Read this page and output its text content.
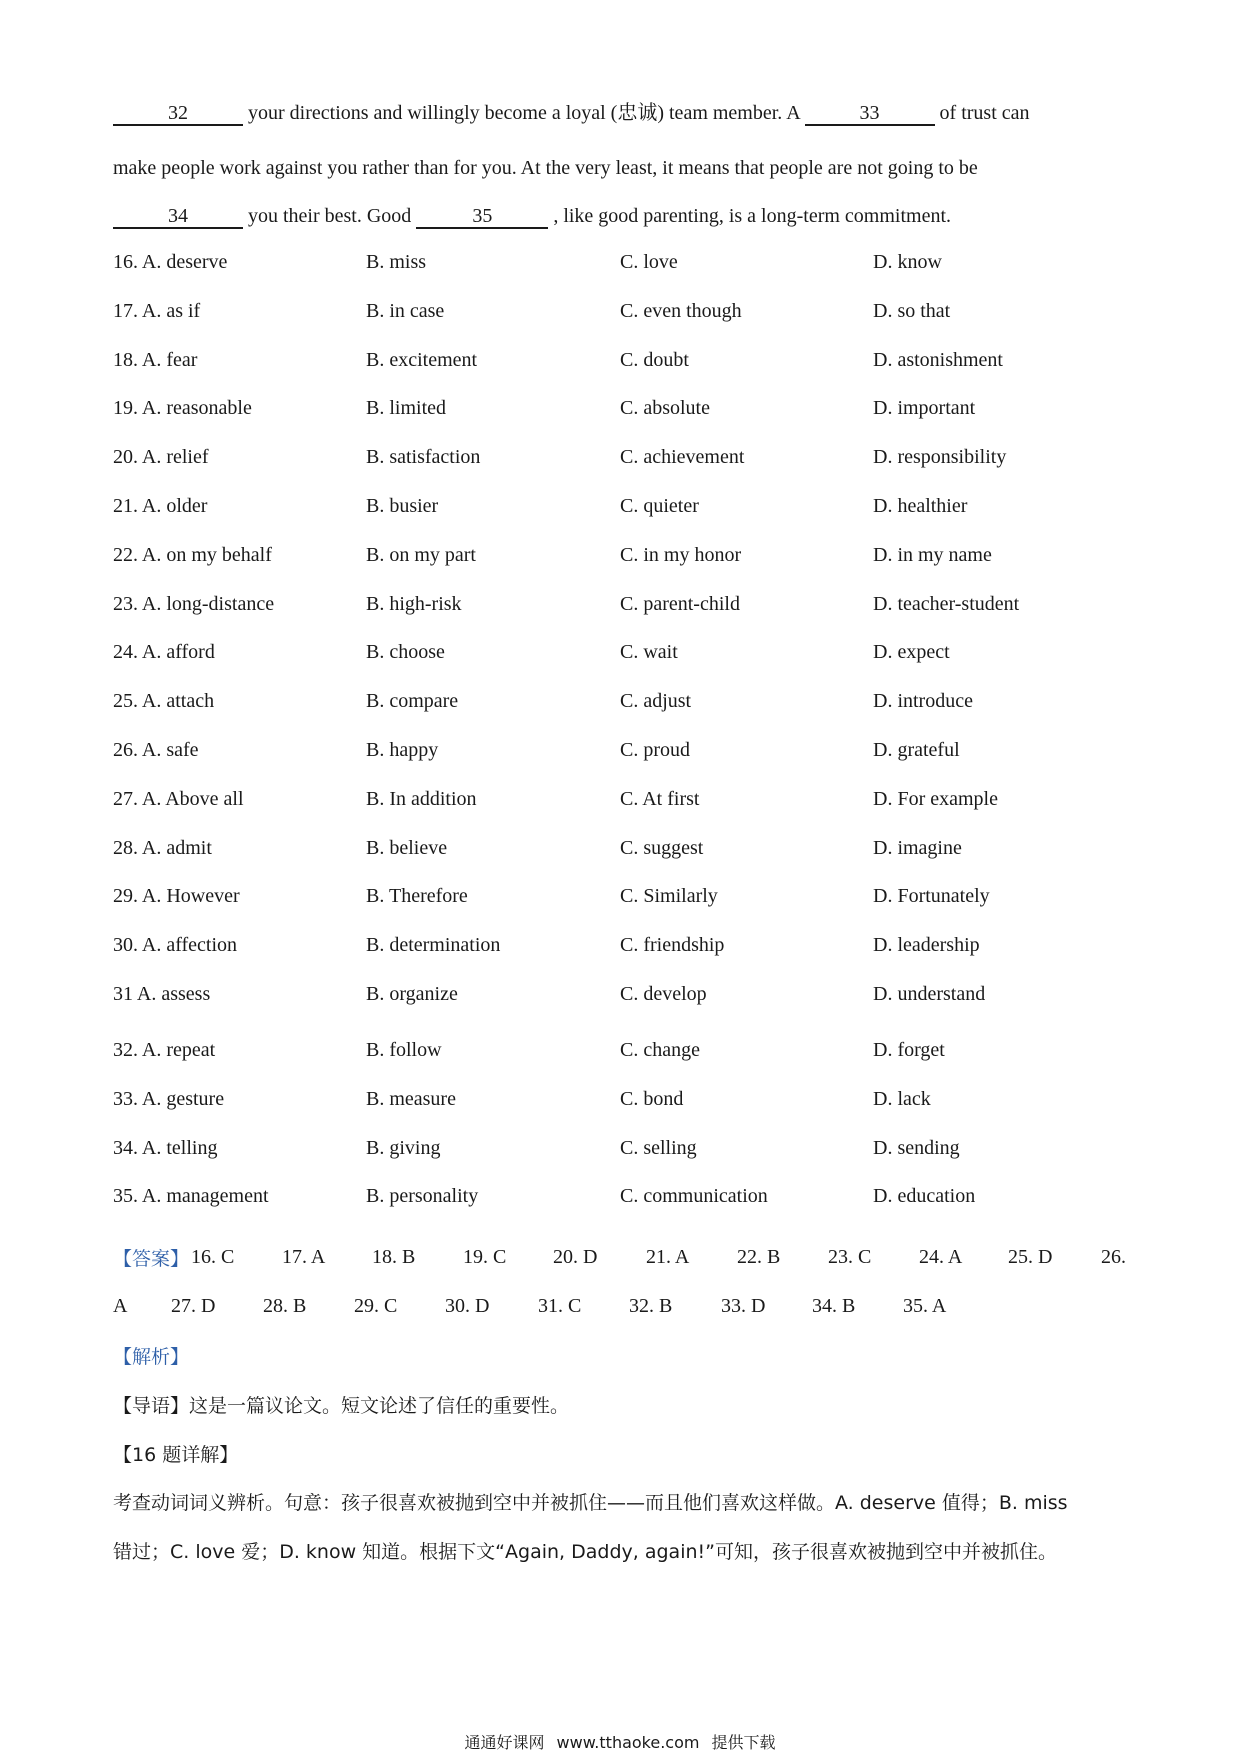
32	your directions and willingly become a loyal (忠诚) team member. A	33	of trust can
make people work against you rather than for you. At the very least, it means that people are not going to be
34	you their best. Good	35	, like good parenting, is a long-term commitment.
16. A. deserve	B. miss	C. love	D. know
17. A. as if	B. in case	C. even though	D. so that
18. A. fear	B. excitement	C. doubt	D. astonishment
19. A. reasonable	B. limited	C. absolute	D. important
20. A. relief	B. satisfaction	C. achievement	D. responsibility
21. A. older	B. busier	C. quieter	D. healthier
22. A. on my behalf	B. on my part	C. in my honor	D. in my name
23. A. long-distance	B. high-risk	C. parent-child	D. teacher-student
24. A. afford	B. choose	C. wait	D. expect
25. A. attach	B. compare	C. adjust	D. introduce
26. A. safe	B. happy	C. proud	D. grateful
27. A. Above all	B. In addition	C. At first	D. For example
28. A. admit	B. believe	C. suggest	D. imagine
29. A. However	B. Therefore	C. Similarly	D. Fortunately
30. A. affection	B. determination	C. friendship	D. leadership
31 A. assess	B. organize	C. develop	D. understand
32. A. repeat	B. follow	C. change	D. forget
33. A. gesture	B. measure	C. bond	D. lack
34. A. telling	B. giving	C. selling	D. sending
35. A. management	B. personality	C. communication	D. education
【答案】 16. C 17. A 18. B 19. C 20. D 21. A 22. B 23. C 24. A 25. D 26.
A 27. D 28. B 29. C 30. D 31. C 32. B 33. D 34. B 35. A
【解析】
【导语】这是一篇议论文。短文论述了信任的重要性。
【16 题详解】
考查动词词义辨析。句意：孩子很喜欢被抛到空中并被抓住——而且他们喜欢这样做。A. deserve 值得；B. miss
错过；C. love 爱；D. know 知道。根据下文“Again, Daddy, again!”可知，孩子很喜欢被抛到空中并被抓住。
通通好课网 www.tthaoke.com 提供下载
